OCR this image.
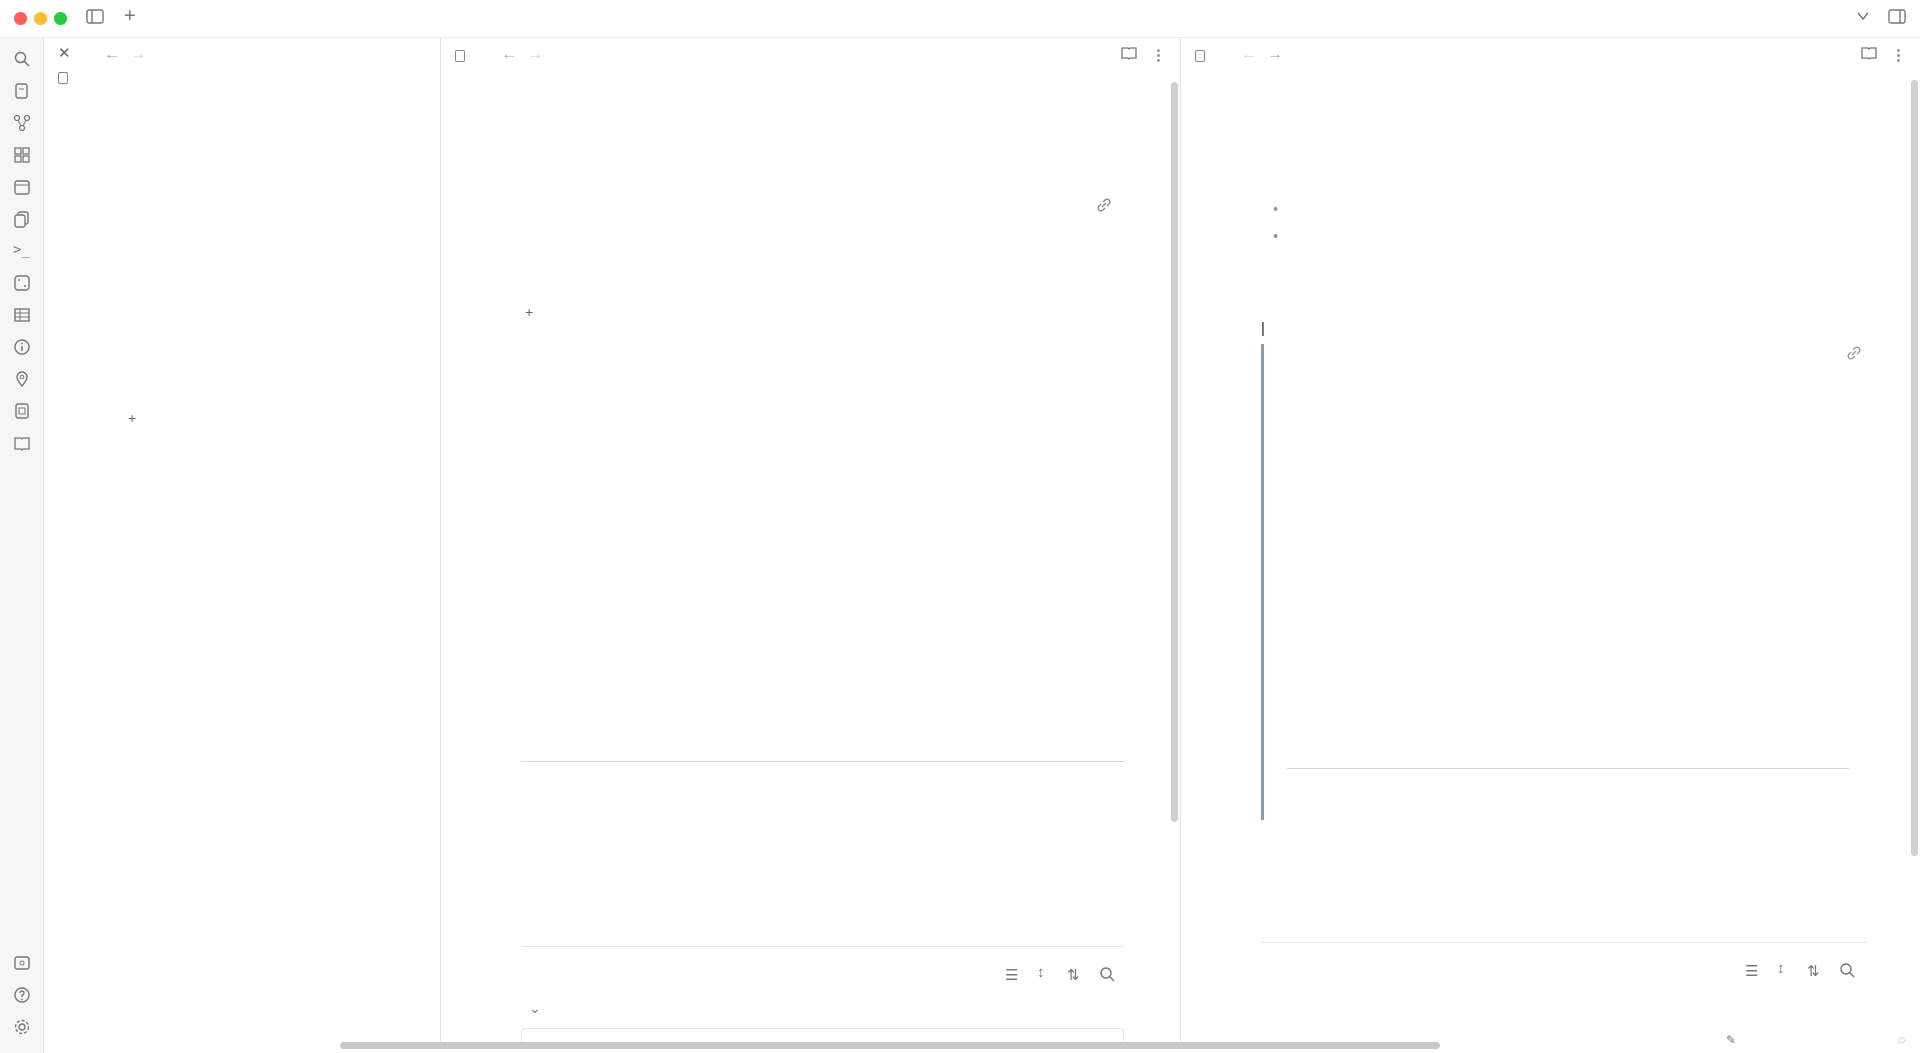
+
>_
✕ ← →
+
← →	⋮
+

☰ ↕ ⇅
⌄
← →	⋮
•
•
|

☰ ↕ ⇅
✎	◌
